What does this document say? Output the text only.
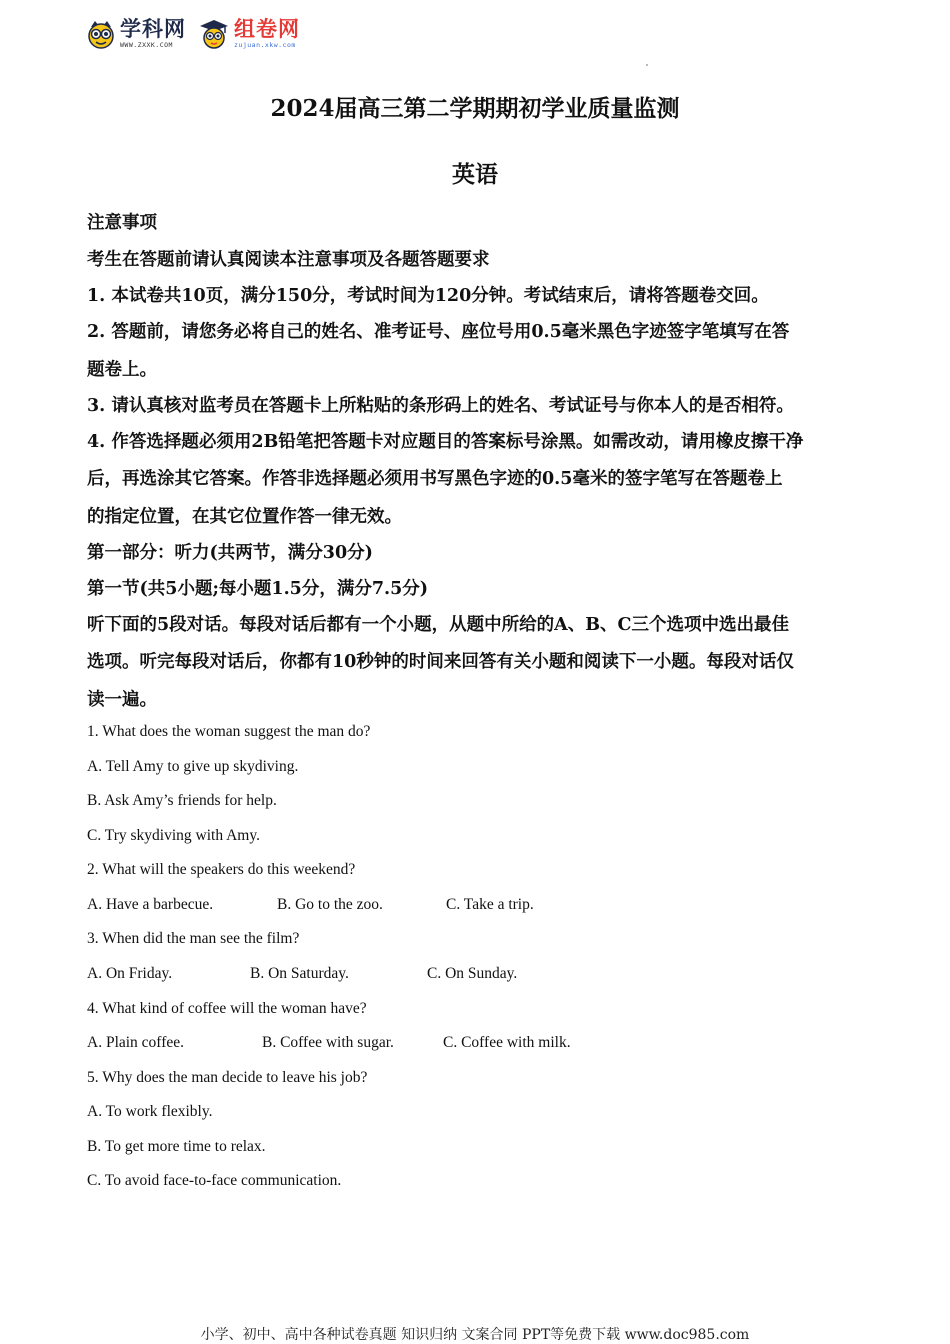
学科网
WWW.ZXXK.COM
组卷网
zujuan.xkw.com
2024届高三第二学期期初学业质量监测
英语
注意事项
考生在答题前请认真阅读本注意事项及各题答题要求
1. 本试卷共10页，满分150分，考试时间为120分钟。考试结束后，请将答题卷交回。
2. 答题前，请您务必将自己的姓名、准考证号、座位号用0.5毫米黑色字迹签字笔填写在答
题卷上。
3. 请认真核对监考员在答题卡上所粘贴的条形码上的姓名、考试证号与你本人的是否相符。
4. 作答选择题必须用2B铅笔把答题卡对应题目的答案标号涂黑。如需改动，请用橡皮擦干净
后，再选涂其它答案。作答非选择题必须用书写黑色字迹的0.5毫米的签字笔写在答题卷上
的指定位置，在其它位置作答一律无效。
第一部分：听力(共两节，满分30分)
第一节(共5小题;每小题1.5分，满分7.5分)
听下面的5段对话。每段对话后都有一个小题，从题中所给的A、B、C三个选项中选出最佳
选项。听完每段对话后，你都有10秒钟的时间来回答有关小题和阅读下一小题。每段对话仅
读一遍。
1. What does the woman suggest the man do?
A. Tell Amy to give up skydiving.
B. Ask Amy’s friends for help.
C. Try skydiving with Amy.
2. What will the speakers do this weekend?
A. Have a barbecue.	B. Go to the zoo.	C. Take a trip.
3. When did the man see the film?
A. On Friday.	B. On Saturday.	C. On Sunday.
4. What kind of coffee will the woman have?
A. Plain coffee.	B. Coffee with sugar.	C. Coffee with milk.
5. Why does the man decide to leave his job?
A. To work flexibly.
B. To get more time to relax.
C. To avoid face-to-face communication.
小学、初中、高中各种试卷真题 知识归纳 文案合同 PPT等免费下载 www.doc985.com
